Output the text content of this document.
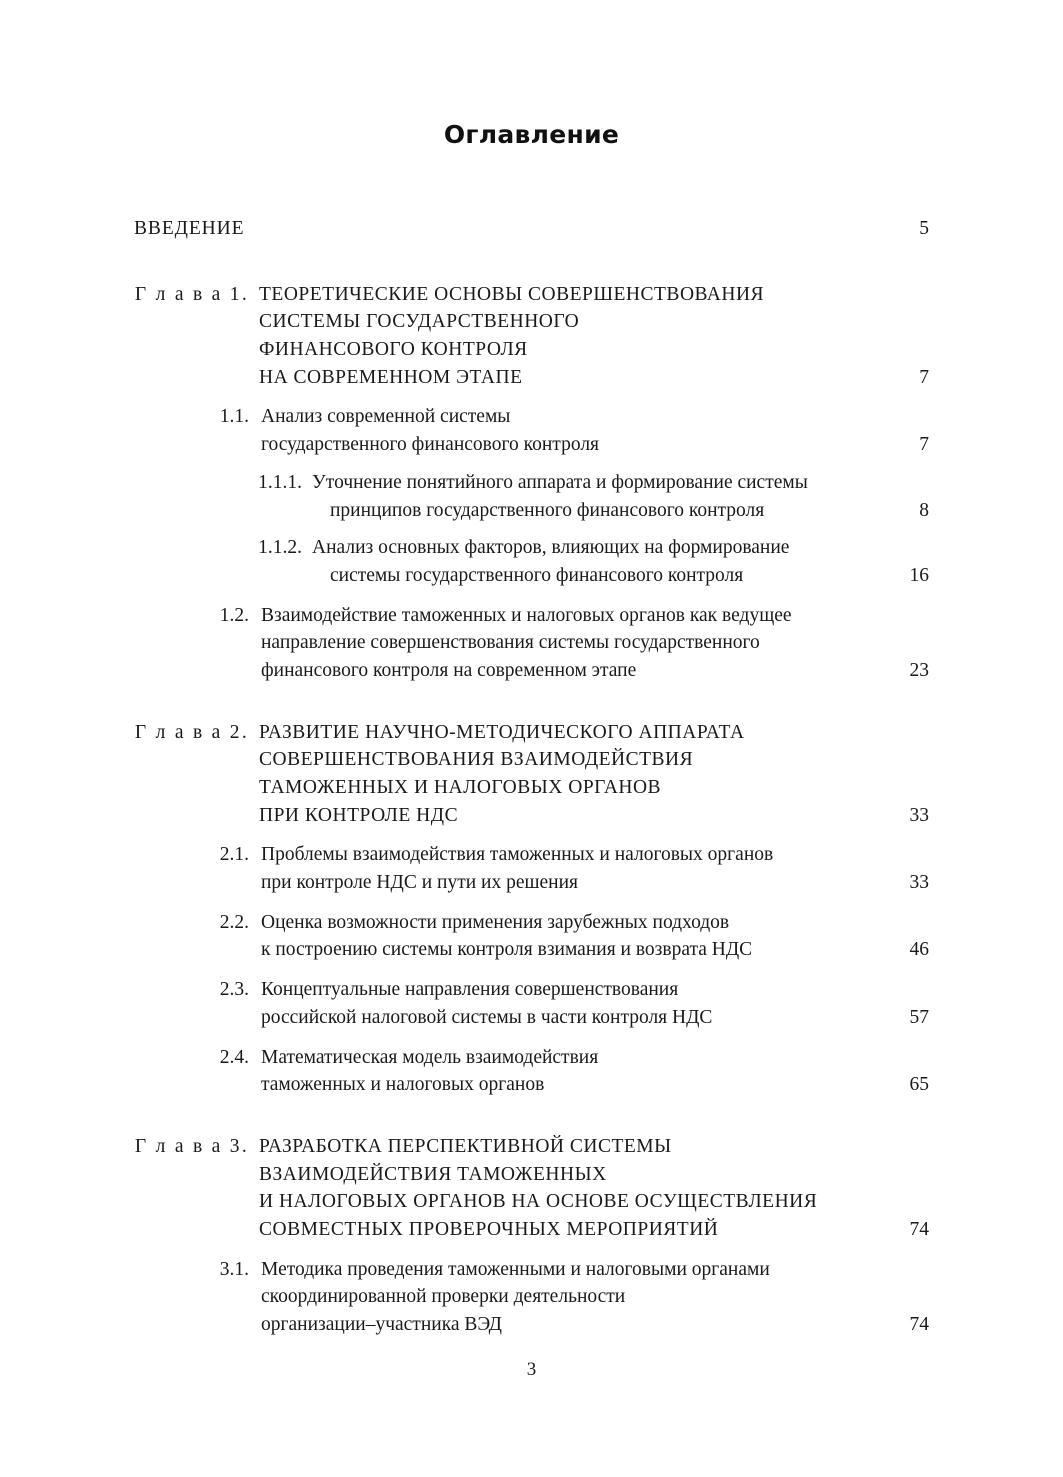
Оглавление
ВВЕДЕНИЕ	5
Г л а в а 1. ТЕОРЕТИЧЕСКИЕ ОСНОВЫ СОВЕРШЕНСТВОВАНИЯ
СИСТЕМЫ ГОСУДАРСТВЕННОГО
ФИНАНСОВОГО КОНТРОЛЯ
НА СОВРЕМЕННОМ ЭТАПЕ	7
1.1. Анализ современной системы
государственного финансового контроля	7
1.1.1. Уточнение понятийного аппарата и формирование системы
принципов государственного финансового контроля	8
1.1.2. Анализ основных факторов, влияющих на формирование
системы государственного финансового контроля	16
1.2. Взаимодействие таможенных и налоговых органов как ведущее
направление совершенствования системы государственного
финансового контроля на современном этапе	23
Г л а в а 2. РАЗВИТИЕ НАУЧНО-МЕТОДИЧЕСКОГО АППАРАТА
СОВЕРШЕНСТВОВАНИЯ ВЗАИМОДЕЙСТВИЯ
ТАМОЖЕННЫХ И НАЛОГОВЫХ ОРГАНОВ
ПРИ КОНТРОЛЕ НДС	33
2.1. Проблемы взаимодействия таможенных и налоговых органов
при контроле НДС и пути их решения	33
2.2. Оценка возможности применения зарубежных подходов
к построению системы контроля взимания и возврата НДС	46
2.3. Концептуальные направления совершенствования
российской налоговой системы в части контроля НДС	57
2.4. Математическая модель взаимодействия
таможенных и налоговых органов	65
Г л а в а 3. РАЗРАБОТКА ПЕРСПЕКТИВНОЙ СИСТЕМЫ
ВЗАИМОДЕЙСТВИЯ ТАМОЖЕННЫХ
И НАЛОГОВЫХ ОРГАНОВ НА ОСНОВЕ ОСУЩЕСТВЛЕНИЯ
СОВМЕСТНЫХ ПРОВЕРОЧНЫХ МЕРОПРИЯТИЙ	74
3.1. Методика проведения таможенными и налоговыми органами
скоординированной проверки деятельности
организации–участника ВЭД	74
3
